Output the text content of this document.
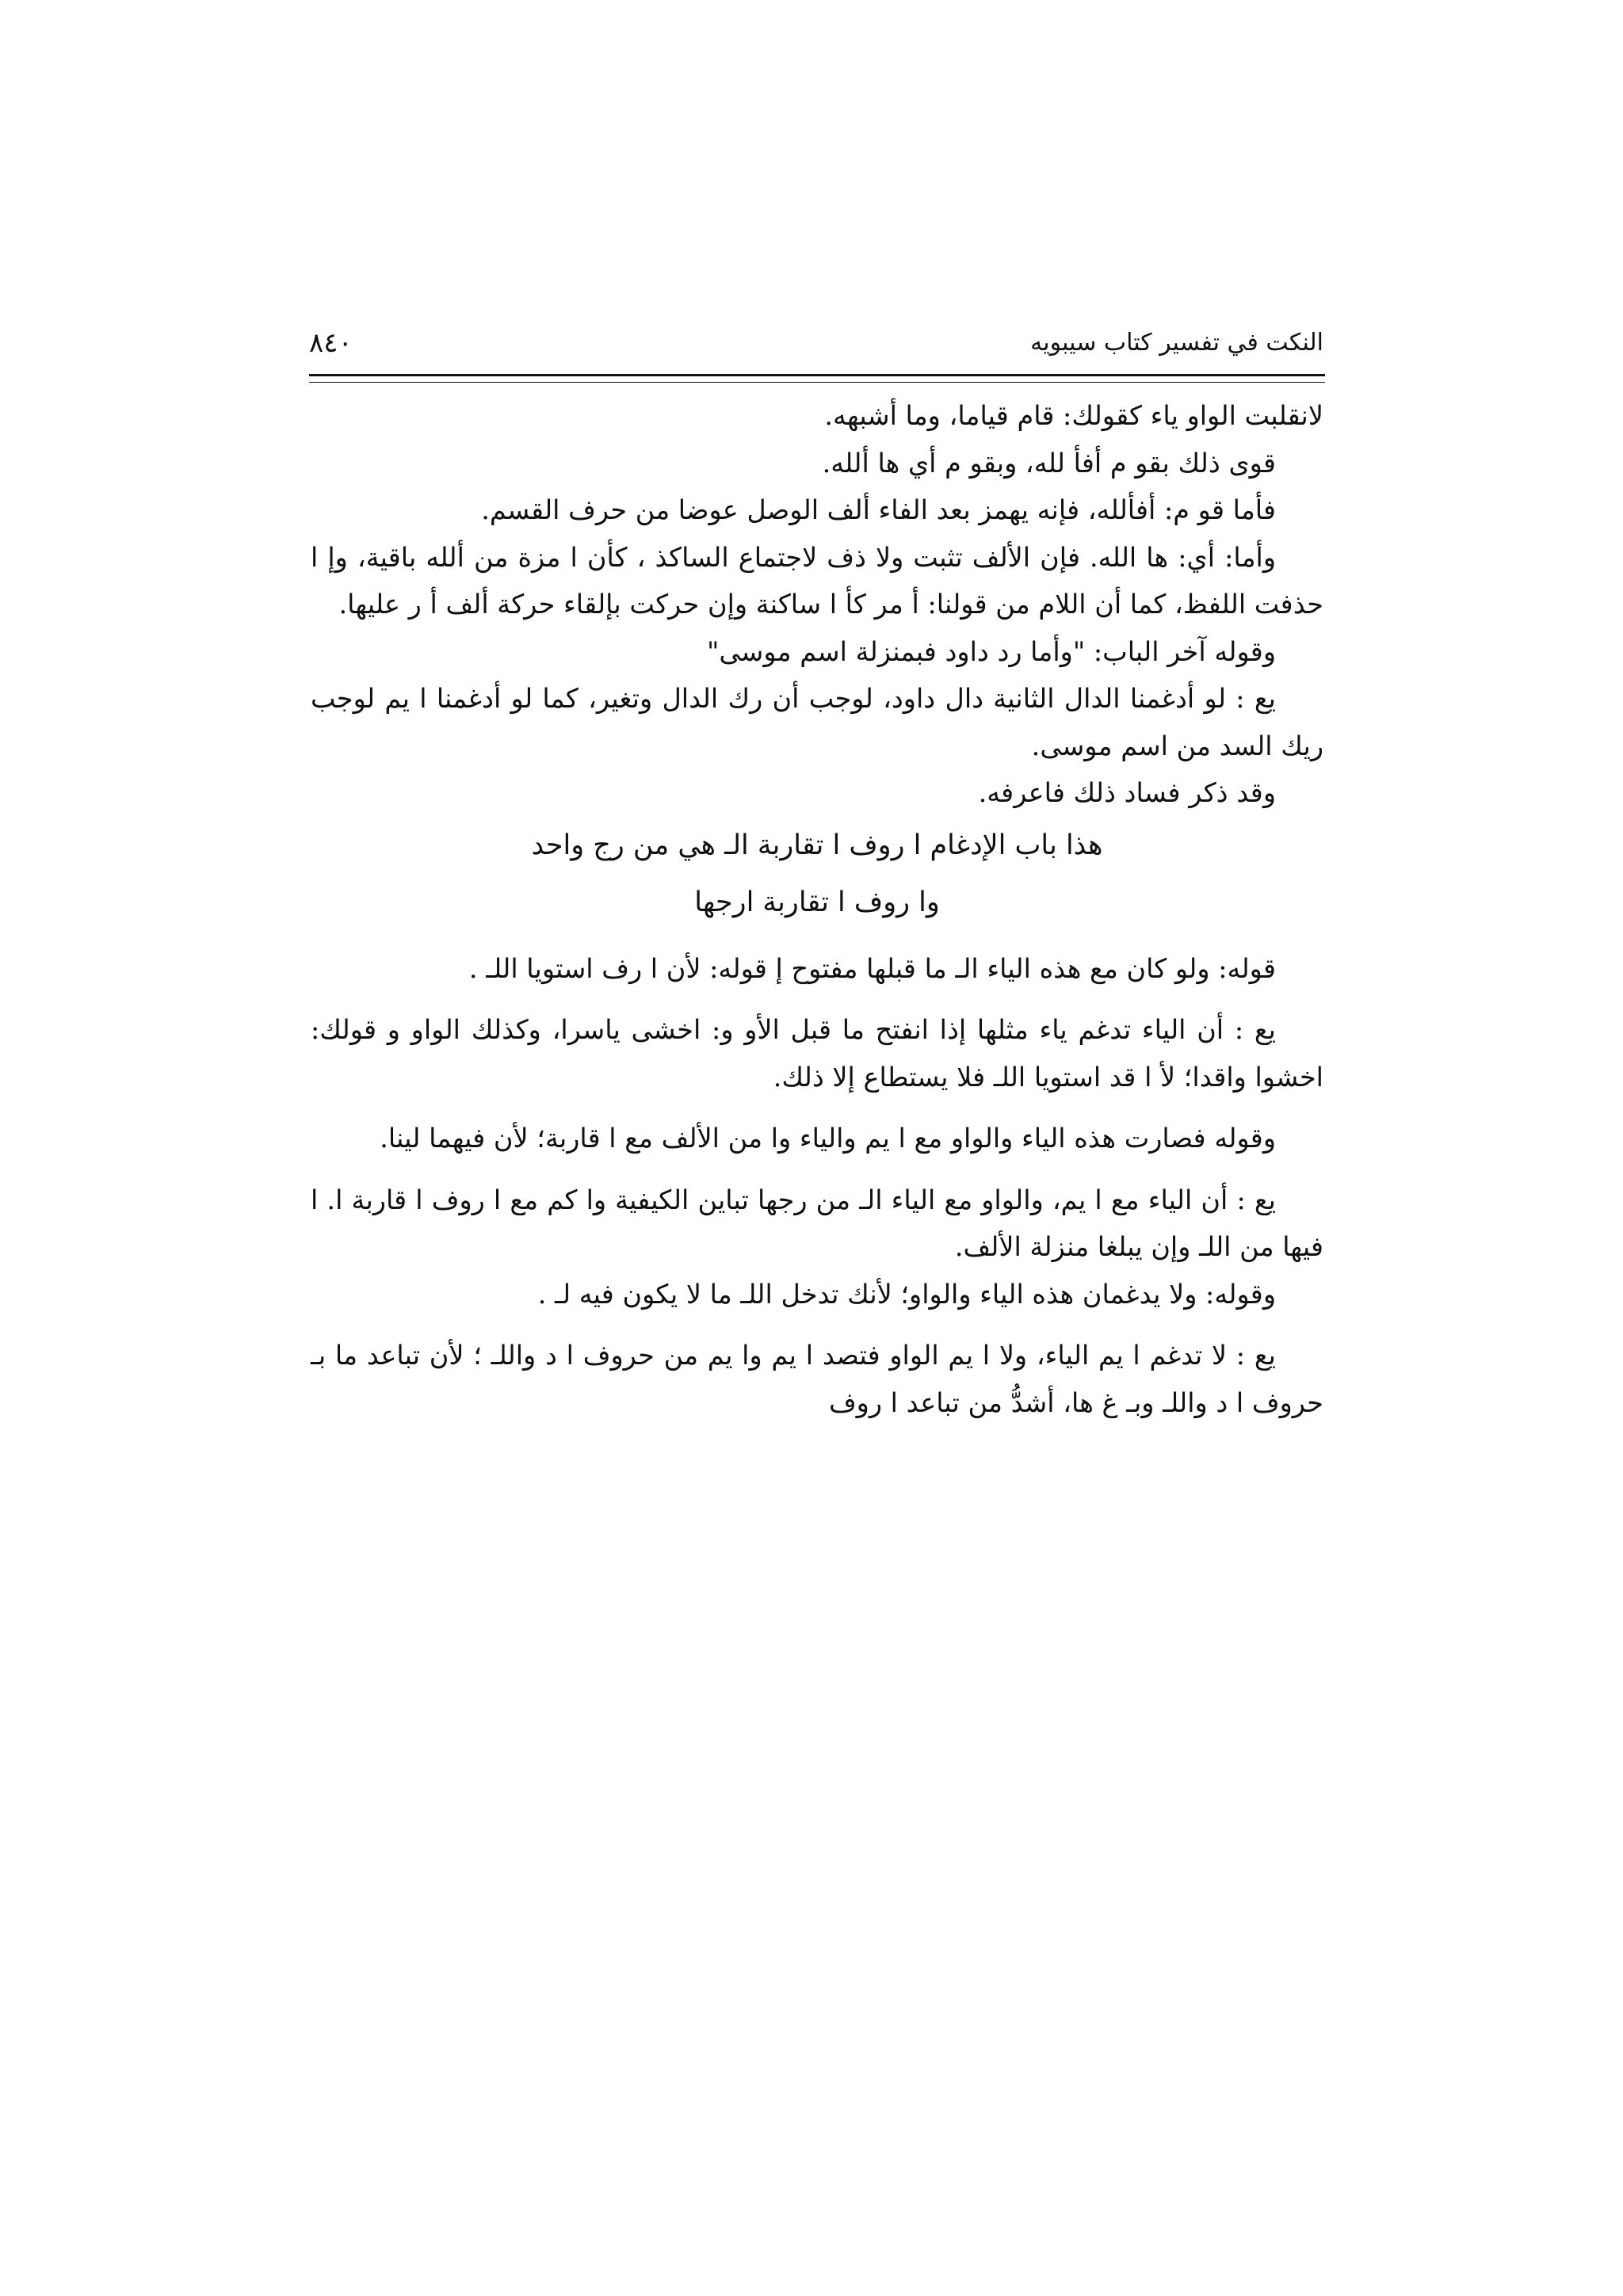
النكت في تفسير كتاب سيبويه
٨٤٠

لانقلبت الواو ياء كقولك: قام قياما، وما أشبهه.

قوى ذلك بقو م أفأ لله، وبقو م أي ها ألله.

فأما قو م: أفألله، فإنه يهمز بعد الفاء ألف الوصل عوضا من حرف القسم.

وأما: أي: ها الله. فإن الألف تثبت ولا ذف لاجتماع الساكذ ، كأن ا مزة من ألله باقية، وإ ا حذفت اللفظ، كما أن اللام من قولنا: أ مر كأ ا ساكنة وإن حركت بإلقاء حركة ألف أ ر عليها.

وقوله آخر الباب: "وأما رد داود فبمنزلة اسم موسى"

يع : لو أدغمنا الدال الثانية دال داود، لوجب أن رك الدال وتغير، كما لو أدغمنا ا يم لوجب ريك السد من اسم موسى.

وقد ذكر فساد ذلك فاعرفه.

هذا باب الإدغام ا روف ا تقاربة الـ هي من رج واحد

وا روف ا تقاربة ارجها

قوله: ولو كان مع هذه الياء الـ ما قبلها مفتوح إ قوله: لأن ا رف استويا اللـ .

يع : أن الياء تدغم ياء مثلها إذا انفتح ما قبل الأو و: اخشى ياسرا، وكذلك الواو و قولك: اخشوا واقدا؛ لأ ا قد استويا اللـ فلا يستطاع إلا ذلك.

وقوله فصارت هذه الياء والواو مع ا يم والياء وا من الألف مع ا قاربة؛ لأن فيهما لينا.

يع : أن الياء مع ا يم، والواو مع الياء الـ من رجها تباين الكيفية وا كم مع ا روف ا قاربة ا. ا فيها من اللـ وإن يبلغا منزلة الألف.

وقوله: ولا يدغمان هذه الياء والواو؛ لأنك تدخل اللـ ما لا يكون فيه لـ .

يع : لا تدغم ا يم الياء، ولا ا يم الواو فتصد ا يم وا يم من حروف ا د واللـ ؛ لأن تباعد ما بـ حروف ا د واللـ وبـ غ ها، أشدُّ من تباعد ا روف
